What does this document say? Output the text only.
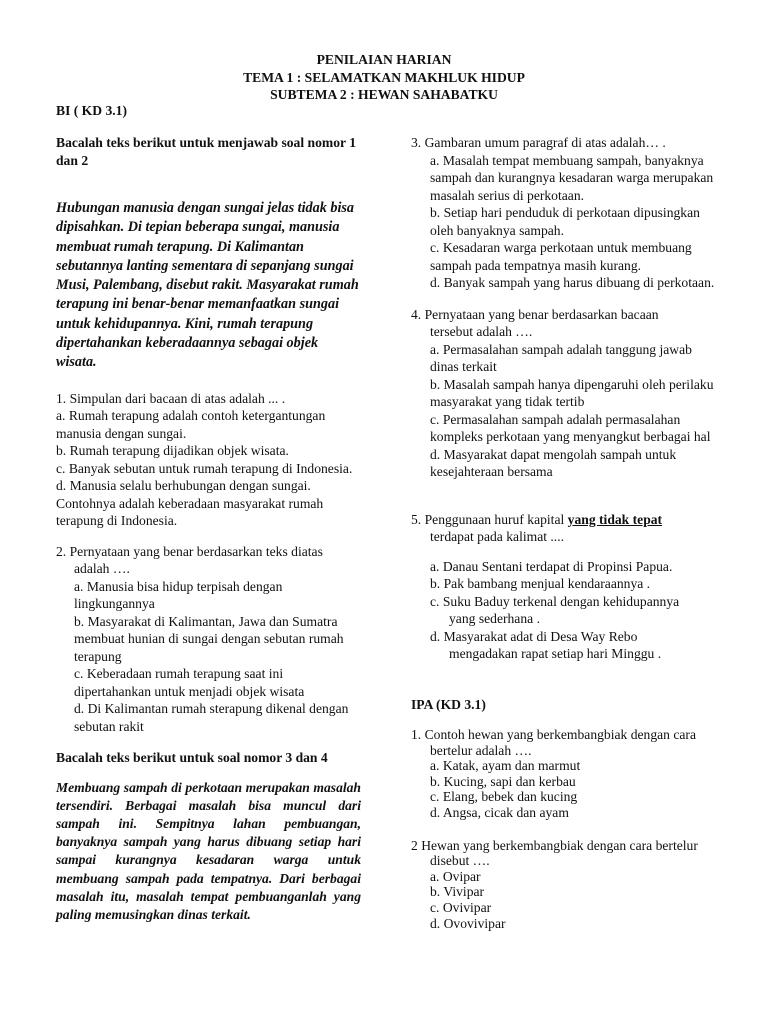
PENILAIAN HARIAN
TEMA 1 : SELAMATKAN MAKHLUK HIDUP
SUBTEMA 2 : HEWAN SAHABATKU
BI ( KD 3.1)

Bacalah teks berikut untuk menjawab soal nomor 1 dan 2

Hubungan manusia dengan sungai jelas tidak bisa dipisahkan. Di tepian beberapa sungai, manusia membuat rumah terapung. Di Kalimantan sebutannya lanting sementara di sepanjang sungai Musi, Palembang, disebut rakit. Masyarakat rumah terapung ini benar-benar memanfaatkan sungai untuk kehidupannya. Kini, rumah terapung dipertahankan keberadaannya sebagai objek wisata.

1. Simpulan dari bacaan di atas adalah ... .

a. Rumah terapung adalah contoh ketergantungan manusia dengan sungai.

b. Rumah terapung dijadikan objek wisata.

c. Banyak sebutan untuk rumah terapung di Indonesia.

d. Manusia selalu berhubungan dengan sungai. Contohnya adalah keberadaan masyarakat rumah terapung di Indonesia.

2. Pernyataan yang benar berdasarkan teks diatas

adalah ….

a. Manusia bisa hidup terpisah dengan lingkungannya

b. Masyarakat di Kalimantan, Jawa dan Sumatra membuat hunian di sungai dengan sebutan rumah terapung

c. Keberadaan rumah terapung saat ini dipertahankan untuk menjadi objek wisata

d. Di Kalimantan rumah sterapung dikenal dengan sebutan rakit

Bacalah teks berikut untuk soal nomor 3 dan 4

Membuang sampah di perkotaan merupakan masalah tersendiri. Berbagai masalah bisa muncul dari sampah ini. Sempitnya lahan pembuangan, banyaknya sampah yang harus dibuang setiap hari sampai kurangnya kesadaran warga untuk membuang sampah pada tempatnya. Dari berbagai masalah itu, masalah tempat pembuanganlah yang paling memusingkan dinas terkait.

3. Gambaran umum paragraf di atas adalah… .

a. Masalah tempat membuang sampah, banyaknya sampah dan kurangnya kesadaran warga merupakan masalah serius di perkotaan.

b. Setiap hari penduduk di perkotaan dipusingkan oleh banyaknya sampah.

c. Kesadaran warga perkotaan untuk membuang sampah pada tempatnya masih kurang.

d. Banyak sampah yang harus dibuang di perkotaan.

4. Pernyataan yang benar berdasarkan bacaan

tersebut adalah ….

a. Permasalahan sampah adalah tanggung jawab dinas terkait

b. Masalah sampah hanya dipengaruhi oleh perilaku masyarakat yang tidak tertib

c. Permasalahan sampah adalah permasalahan kompleks perkotaan yang menyangkut berbagai hal

d. Masyarakat dapat mengolah sampah untuk kesejahteraan bersama

5. Penggunaan huruf kapital yang tidak tepat

terdapat pada kalimat ....

a. Danau Sentani terdapat di Propinsi Papua.

b. Pak bambang menjual kendaraannya .

c. Suku Baduy terkenal dengan kehidupannya

yang sederhana .

d. Masyarakat adat di Desa Way Rebo

mengadakan rapat setiap hari Minggu .

IPA (KD 3.1)

1. Contoh hewan yang berkembangbiak dengan cara

bertelur adalah ….

a. Katak, ayam dan marmut

b. Kucing, sapi dan kerbau

c. Elang, bebek dan kucing

d. Angsa, cicak dan ayam

2 Hewan yang berkembangbiak dengan cara bertelur

disebut ….

a. Ovipar

b. Vivipar

c. Ovivipar

d. Ovovivipar
